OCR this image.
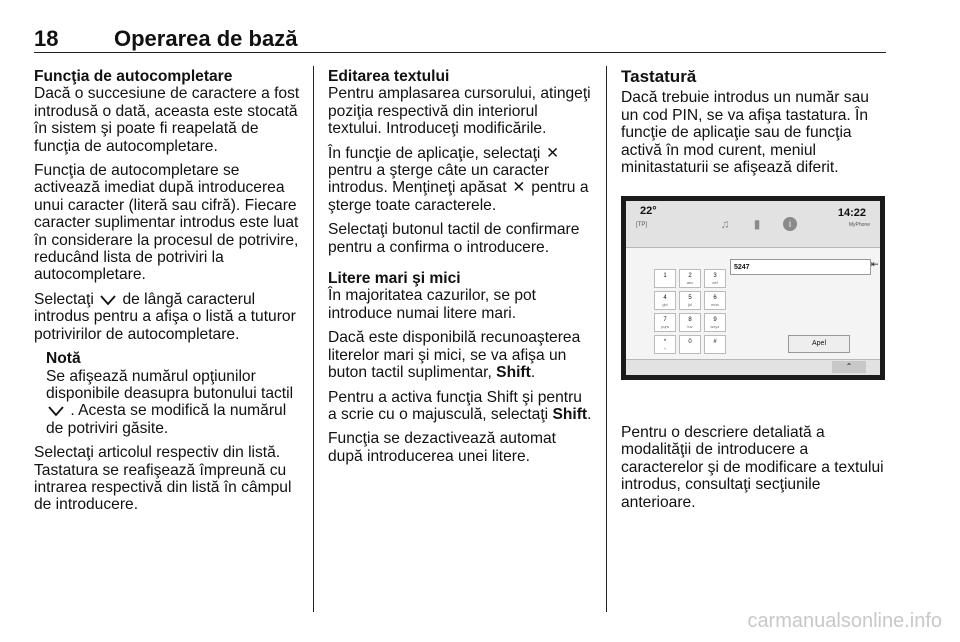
18	Operarea de bază
Funcţia de autocompletare

Dacă o succesiune de caractere a fost introdusă o dată, aceasta este stocată în sistem şi poate fi reapelată de funcţia de autocompletare.

Funcţia de autocompletare se activează imediat după introducerea unui caracter (literă sau cifră). Fiecare caracter suplimentar introdus este luat în considerare la procesul de potrivire, reducând lista de potriviri la autocompletare.

Selectaţi de lângă caracterul introdus pentru a afişa o listă a tuturor potrivirilor de autocompletare.

Notă
Se afişează numărul opţiunilor disponibile deasupra butonului tactil  . Acesta se modifică la numărul de potriviri găsite.

Selectaţi articolul respectiv din listă. Tastatura se reafişează împreună cu intrarea respectivă din listă în câmpul de introducere.

Editarea textului

Pentru amplasarea cursorului, atingeţi poziţia respectivă din interiorul textului. Introduceţi modificările.

În funcţie de aplicaţie, selectaţi ✕ pentru a şterge câte un caracter introdus. Menţineţi apăsat ✕ pentru a şterge toate caracterele.

Selectaţi butonul tactil de confirmare pentru a confirma o introducere.

Litere mari şi mici

În majoritatea cazurilor, se pot introduce numai litere mari.

Dacă este disponibilă recunoaşterea literelor mari şi mici, se va afişa un buton tactil suplimentar, Shift.

Pentru a activa funcţia Shift şi pentru a scrie cu o majusculă, selectaţi Shift.

Funcţia se dezactivează automat după introducerea unei litere.

Tastatură

Dacă trebuie introdus un număr sau un cod PIN, se va afişa tastatura. În funcţie de aplicaţie sau de funcţia activă în mod curent, meniul minitastaturii se afişează diferit.

22°
[TP]	♫	▮	i
14:22
MyPhone
1	2
abc
3
def
4
ghi
5
jkl
6
mno
7
pqrs
8
tuv
9
wxyz
*
+
0	#
5247	⇤
Apel
⌃

Pentru o descriere detaliată a modalităţii de introducere a caracterelor şi de modificare a textului introdus, consultaţi secţiunile anterioare.

carmanualsonline.info
